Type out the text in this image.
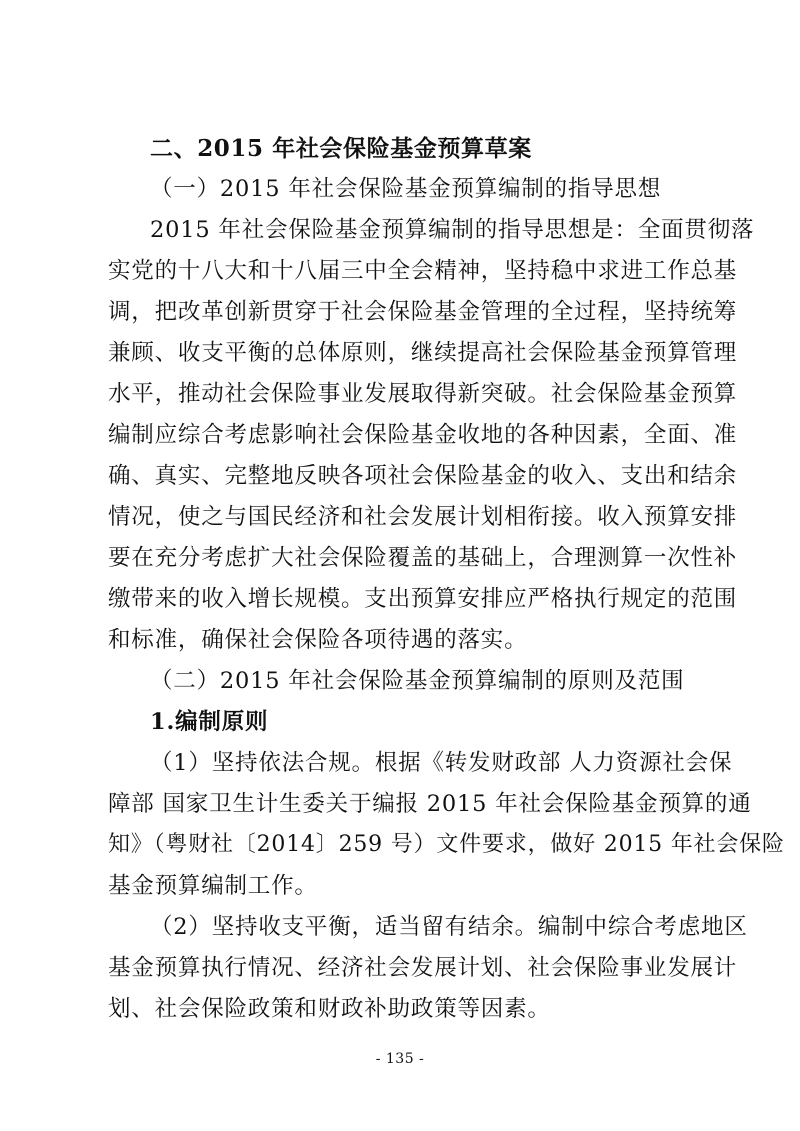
二、2015 年社会保险基金预算草案
（一）2015 年社会保险基金预算编制的指导思想
2015 年社会保险基金预算编制的指导思想是：全面贯彻落
实党的十八大和十八届三中全会精神，坚持稳中求进工作总基
调，把改革创新贯穿于社会保险基金管理的全过程，坚持统筹
兼顾、收支平衡的总体原则，继续提高社会保险基金预算管理
水平，推动社会保险事业发展取得新突破。社会保险基金预算
编制应综合考虑影响社会保险基金收地的各种因素，全面、准
确、真实、完整地反映各项社会保险基金的收入、支出和结余
情况，使之与国民经济和社会发展计划相衔接。收入预算安排
要在充分考虑扩大社会保险覆盖的基础上，合理测算一次性补
缴带来的收入增长规模。支出预算安排应严格执行规定的范围
和标准，确保社会保险各项待遇的落实。
（二）2015 年社会保险基金预算编制的原则及范围
1.编制原则
（1）坚持依法合规。根据《转发财政部 人力资源社会保
障部 国家卫生计生委关于编报 2015 年社会保险基金预算的通
知》（粤财社〔2014〕259 号）文件要求，做好 2015 年社会保险
基金预算编制工作。
（2）坚持收支平衡，适当留有结余。编制中综合考虑地区
基金预算执行情况、经济社会发展计划、社会保险事业发展计
划、社会保险政策和财政补助政策等因素。
- 135 -
